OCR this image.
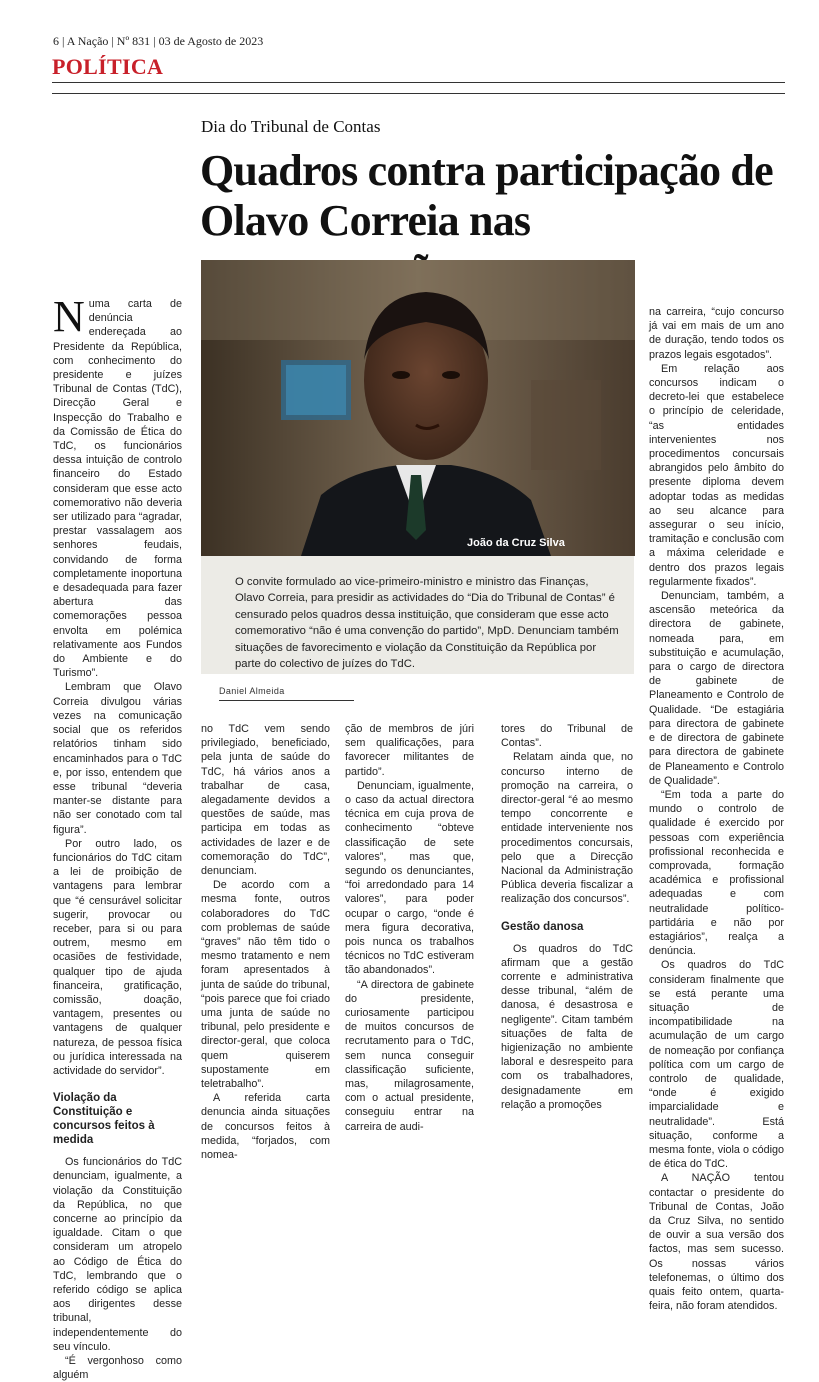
6 | A Nação | Nº 831 | 03 de Agosto de 2023
POLÍTICA
Dia do Tribunal de Contas
Quadros contra participação de
Olavo Correia nas
João da Cruz Silva
O convite formulado ao vice-primeiro-ministro e ministro das Finanças, Olavo Correia, para presidir as actividades do “Dia do Tribunal de Contas” é censurado pelos quadros dessa instituição, que consideram que esse acto comemorativo “não é uma convenção do partido”, MpD. Denunciam também situações de favorecimento e violação da Constituição da República por parte do colectivo de juízes do TdC.
Daniel Almeida
N uma carta de denúncia endereçada ao Presidente da República, com conhecimento do presidente e juízes Tribunal de Contas (TdC), Direcção Geral e Inspecção do Trabalho e da Comissão de Ética do TdC, os funcionários dessa intuição de controlo financeiro do Estado consideram que esse acto comemorativo não deveria ser utilizado para “agradar, prestar vassalagem aos senhores feudais, convidando de forma completamente inoportuna e desadequada para fazer abertura das comemorações pessoa envolta em polémica relativamente aos Fundos do Ambiente e do Turismo”.

Lembram que Olavo Correia divulgou várias vezes na comunicação social que os referidos relatórios tinham sido encaminhados para o TdC e, por isso, entendem que esse tribunal “deveria manter-se distante para não ser conotado com tal figura”.

Por outro lado, os funcionários do TdC citam a lei de proibição de vantagens para lembrar que “é censurável solicitar sugerir, provocar ou receber, para si ou para outrem, mesmo em ocasiões de festividade, qualquer tipo de ajuda financeira, gratificação, comissão, doação, vantagem, presentes ou vantagens de qualquer natureza, de pessoa física ou jurídica interessada na actividade do servidor”.

Violação da Constituição e concursos feitos à medida

Os funcionários do TdC denunciam, igualmente, a violação da Constituição da República, no que concerne ao princípio da igualdade. Citam o que consideram um atropelo ao Código de Ética do TdC, lembrando que o referido código se aplica aos dirigentes desse tribunal, independentemente do seu vínculo.

“É vergonhoso como alguém

no TdC vem sendo privilegiado, beneficiado, pela junta de saúde do TdC, há vários anos a trabalhar de casa, alegadamente devidos a questões de saúde, mas participa em todas as actividades de lazer e de comemoração do TdC”, denunciam.

De acordo com a mesma fonte, outros colaboradores do TdC com problemas de saúde “graves” não têm tido o mesmo tratamento e nem foram apresentados à junta de saúde do tribunal, “pois parece que foi criado uma junta de saúde no tribunal, pelo presidente e director-geral, que coloca quem quiserem supostamente em teletrabalho”.

A referida carta denuncia ainda situações de concursos feitos à medida, “forjados, com nomea-

ção de membros de júri sem qualificações, para favorecer militantes de partido”.

Denunciam, igualmente, o caso da actual directora técnica em cuja prova de conhecimento “obteve classificação de sete valores”, mas que, segundo os denunciantes, “foi arredondado para 14 valores”, para poder ocupar o cargo, “onde é mera figura decorativa, pois nunca os trabalhos técnicos no TdC estiveram tão abandonados”.

“A directora de gabinete do presidente, curiosamente participou de muitos concursos de recrutamento para o TdC, sem nunca conseguir classificação suficiente, mas, milagrosamente, com o actual presidente, conseguiu entrar na carreira de audi-

tores do Tribunal de Contas”.

Relatam ainda que, no concurso interno de promoção na carreira, o director-geral “é ao mesmo tempo concorrente e entidade interveniente nos procedimentos concursais, pelo que a Direcção Nacional da Administração Pública deveria fiscalizar a realização dos concursos”.

Gestão danosa

Os quadros do TdC afirmam que a gestão corrente e administrativa desse tribunal, “além de danosa, é desastrosa e negligente”. Citam também situações de falta de higienização no ambiente laboral e desrespeito para com os trabalhadores, designadamente em relação a promoções

na carreira, “cujo concurso já vai em mais de um ano de duração, tendo todos os prazos legais esgotados”.

Em relação aos concursos indicam o decreto-lei que estabelece o princípio de celeridade, “as entidades intervenientes nos procedimentos concursais abrangidos pelo âmbito do presente diploma devem adoptar todas as medidas ao seu alcance para assegurar o seu início, tramitação e conclusão com a máxima celeridade e dentro dos prazos legais regularmente fixados”.

Denunciam, também, a ascensão meteórica da directora de gabinete, nomeada para, em substituição e acumulação, para o cargo de directora de gabinete de Planeamento e Controlo de Qualidade. “De estagiária para directora de gabinete e de directora de gabinete para directora de gabinete de Planeamento e Controlo de Qualidade”.

“Em toda a parte do mundo o controlo de qualidade é exercido por pessoas com experiência profissional reconhecida e comprovada, formação académica e profissional adequadas e com neutralidade político-partidária e não por estagiários”, realça a denúncia.

Os quadros do TdC consideram finalmente que se está perante uma situação de incompatibilidade na acumulação de um cargo de nomeação por confiança política com um cargo de controlo de qualidade, “onde é exigido imparcialidade e neutralidade”. Está situação, conforme a mesma fonte, viola o código de ética do TdC.

A NAÇÃO tentou contactar o presidente do Tribunal de Contas, João da Cruz Silva, no sentido de ouvir a sua versão dos factos, mas sem sucesso. Os nossas vários telefonemas, o último dos quais feito ontem, quarta-feira, não foram atendidos.
